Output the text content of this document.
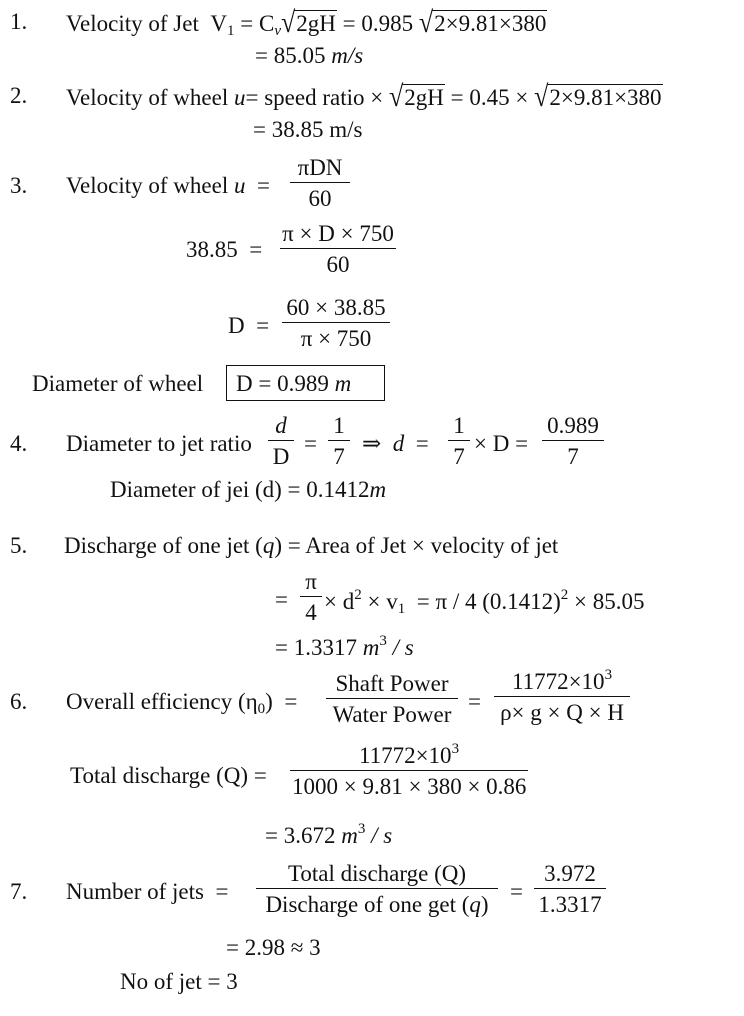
1. Velocity of Jet $V_1 = C_v√2gH = 0.985$ √2×9.81×380
= 85.05 m/s
2. Velocity of wheel u= speed ratio × √2gH = 0.45 × √2×9.81×380
= 38.85 m/s
3. Velocity of wheel u =
πDN
60
38.85 =
π × D × 750
60
D =
60 × 38.85
π × 750
Diameter of wheel D = 0.989 m
4. Diameter to jet ratio
d
D
=
1
7
⇒ d =
1
7
× D =
0.989
7
Diameter of jei (d) = 0.1412m
5. Discharge of one jet (q) = Area of Jet × velocity of jet
=
π
$4 \times d^2 \times v_1 = \pi / 4$ $(0.1412)^2 \times 85.05$
= 1.3317 $m^3$ / s
6. Overall efficiency $(\eta_0)$ =
Shaft Power
Water Power
=
$11772\times 10^3$
ρ× g × Q × H
Total discharge (Q) =
$11772\times 10^3$
1000 × 9.81 × 380 × 0.86
= 3.672 $m^3$ / s
7. Number of jets =
Total discharge (Q)
Discharge of one get (q)
=
3.972
1.3317
= 2.98 ≈ 3
No of jet = 3
